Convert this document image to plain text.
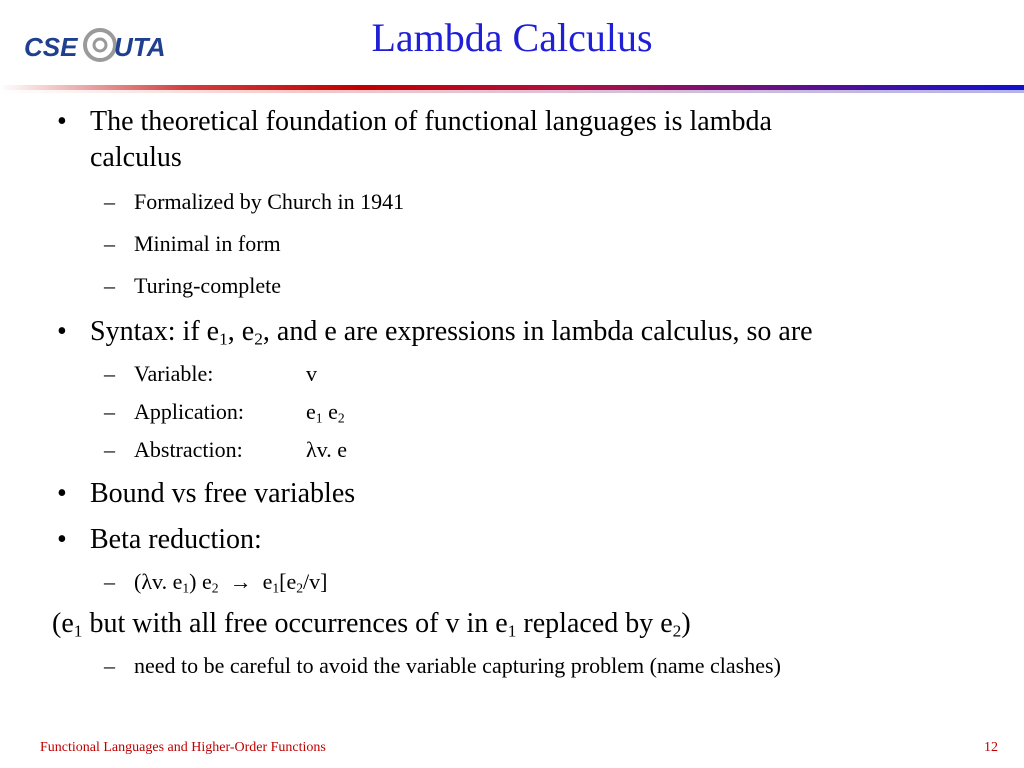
CSE UTA	Lambda Calculus
• The theoretical foundation of functional languages is lambda
calculus
– Formalized by Church in 1941
– Minimal in form
– Turing-complete
• Syntax: if $e_1$, $e_2$, and e are expressions in lambda calculus, so are
– Variable:	v
– Application:	$e_1$ $e_2$
– Abstraction:	λv. e
• Bound vs free variables
• Beta reduction:
– (λv. $e_1$) $e_2 \to e_1[e_2/v]$
($e_1$ but with all free occurrences of v in $e_1$ replaced by $e_2$)
– need to be careful to avoid the variable capturing problem (name clashes)
Functional Languages and Higher-Order Functions	12
